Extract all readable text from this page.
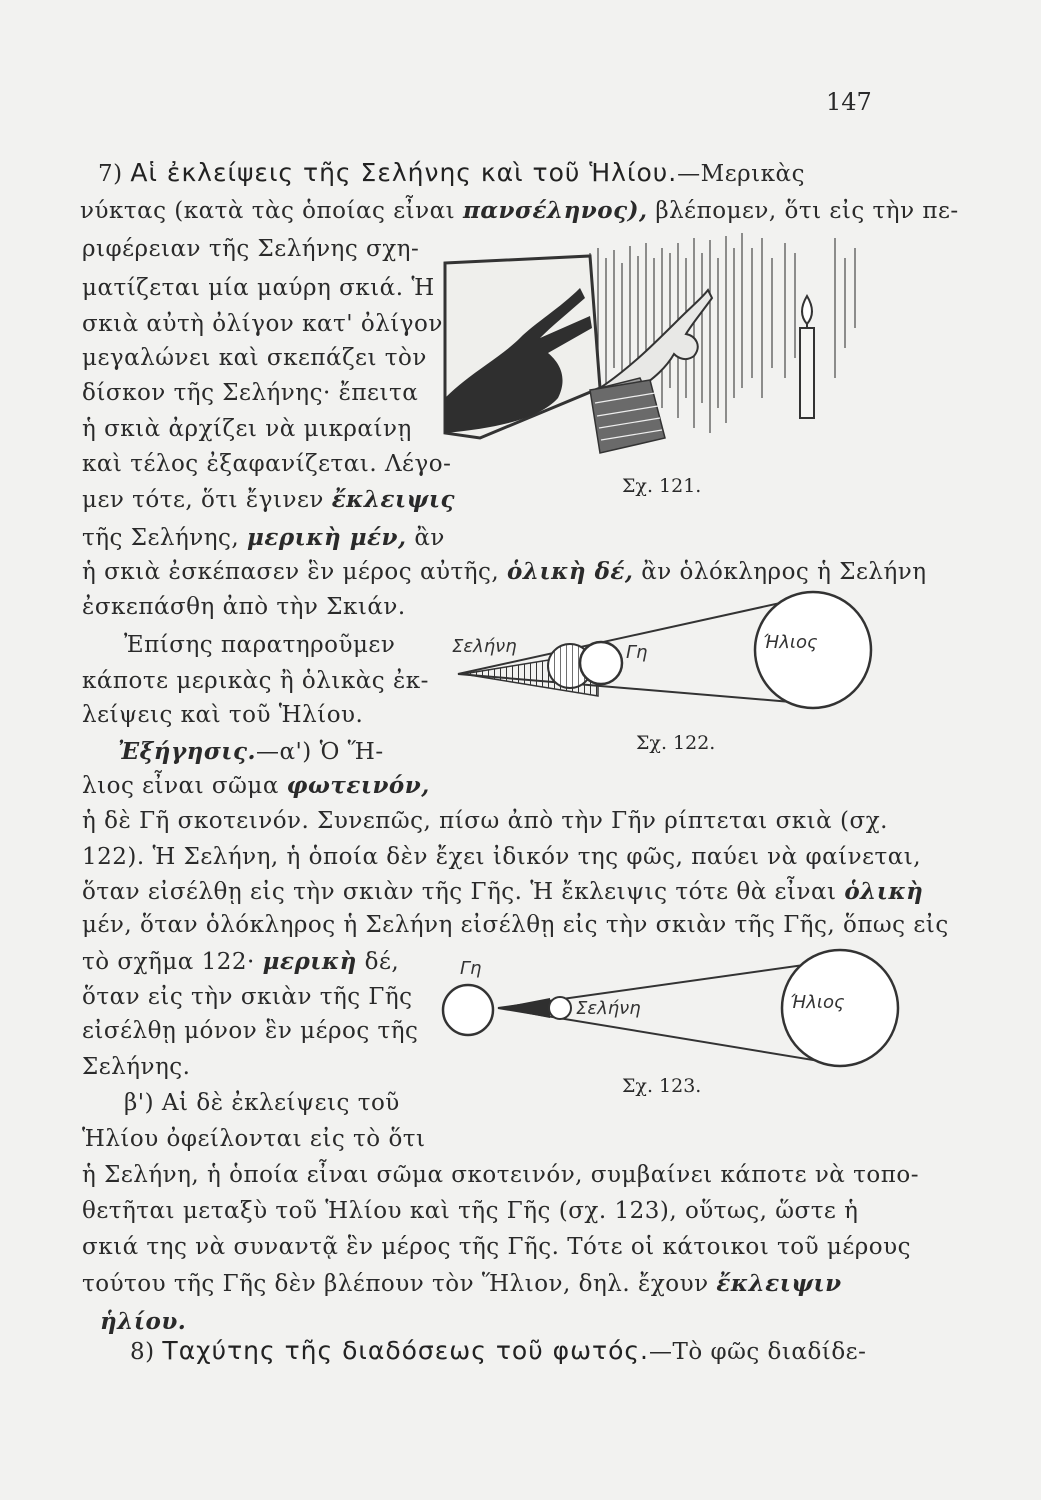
147
7) Αἱ ἐκλείψεις τῆς Σελήνης καὶ τοῦ Ἡλίου.—Μερικὰς
νύκτας (κατὰ τὰς ὁποίας εἶναι πανσέληνος), βλέπομεν, ὅτι εἰς τὴν πε-
ριφέρειαν τῆς Σελήνης σχη-
ματίζεται μία μαύρη σκιά. Ἡ
σκιὰ αὐτὴ ὀλίγον κατ' ὀλίγον
μεγαλώνει καὶ σκεπάζει τὸν
δίσκον τῆς Σελήνης· ἔπειτα
ἡ σκιὰ ἀρχίζει νὰ μικραίνῃ
καὶ τέλος ἐξαφανίζεται. Λέγο-
μεν τότε, ὅτι ἔγινεν ἔκλειψις
τῆς Σελήνης, μερικὴ μέν, ἂν
ἡ σκιὰ ἐσκέπασεν ἓν μέρος αὐτῆς, ὁλικὴ δέ, ἂν ὁλόκληρος ἡ Σελήνη
ἐσκεπάσθη ἀπὸ τὴν Σκιάν.
Ἐπίσης παρατηροῦμεν
κάποτε μερικὰς ἢ ὁλικὰς ἐκ-
λείψεις καὶ τοῦ Ἡλίου.
Ἐξήγησις.—α') Ὁ Ἥ-
λιος εἶναι σῶμα φωτεινόν,
ἡ δὲ Γῆ σκοτεινόν. Συνεπῶς, πίσω ἀπὸ τὴν Γῆν ρίπτεται σκιὰ (σχ.
122). Ἡ Σελήνη, ἡ ὁποία δὲν ἔχει ἰδικόν της φῶς, παύει νὰ φαίνεται,
ὅταν εἰσέλθῃ εἰς τὴν σκιὰν τῆς Γῆς. Ἡ ἔκλειψις τότε θὰ εἶναι ὁλικὴ
μέν, ὅταν ὁλόκληρος ἡ Σελήνη εἰσέλθῃ εἰς τὴν σκιὰν τῆς Γῆς, ὅπως εἰς
τὸ σχῆμα 122· μερικὴ δέ,
ὅταν εἰς τὴν σκιὰν τῆς Γῆς
εἰσέλθῃ μόνον ἓν μέρος τῆς
Σελήνης.
β') Αἱ δὲ ἐκλείψεις τοῦ
Ἡλίου ὀφείλονται εἰς τὸ ὅτι
ἡ Σελήνη, ἡ ὁποία εἶναι σῶμα σκοτεινόν, συμβαίνει κάποτε νὰ τοπο-
θετῆται μεταξὺ τοῦ Ἡλίου καὶ τῆς Γῆς (σχ. 123), οὕτως, ὥστε ἡ
σκιά της νὰ συναντᾷ ἓν μέρος τῆς Γῆς. Τότε οἱ κάτοικοι τοῦ μέρους
τούτου τῆς Γῆς δὲν βλέπουν τὸν Ἥλιον, δηλ. ἔχουν ἔκλειψιν
ἡλίου.
8) Ταχύτης τῆς διαδόσεως τοῦ φωτός.—Τὸ φῶς διαδίδε-
Σχ. 121.
Σελήνη	Γη	Ήλιος
Σχ. 122.
Γη
Σελήνη	Ήλιος
Σχ. 123.
